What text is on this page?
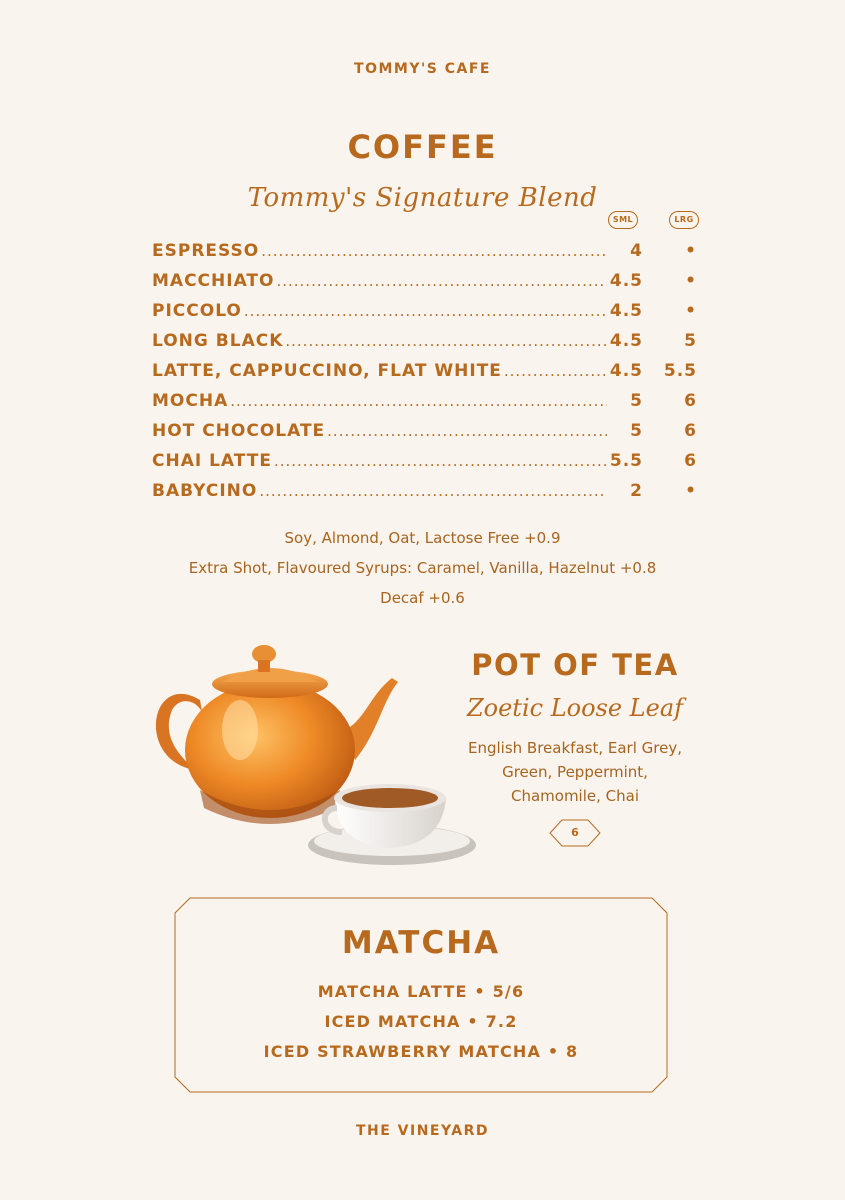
TOMMY'S CAFE
COFFEE
Tommy's Signature Blend
SML	LRG
ESPRESSO .....	4	•
MACCHIATO .....	4.5	•
PICCOLO .....	4.5	•
LONG BLACK .....	4.5	5
LATTE, CAPPUCCINO, FLAT WHITE .....	4.5	5.5
MOCHA .....	5	6
HOT CHOCOLATE .....	5	6
CHAI LATTE .....	5.5	6
BABYCINO .....	2	•
Soy, Almond, Oat, Lactose Free +0.9
Extra Shot, Flavoured Syrups: Caramel, Vanilla, Hazelnut +0.8
Decaf +0.6
POT OF TEA
Zoetic Loose Leaf
English Breakfast, Earl Grey,
Green, Peppermint,
Chamomile, Chai
6
MATCHA
MATCHA LATTE • 5/6
ICED MATCHA • 7.2
ICED STRAWBERRY MATCHA • 8
THE VINEYARD
